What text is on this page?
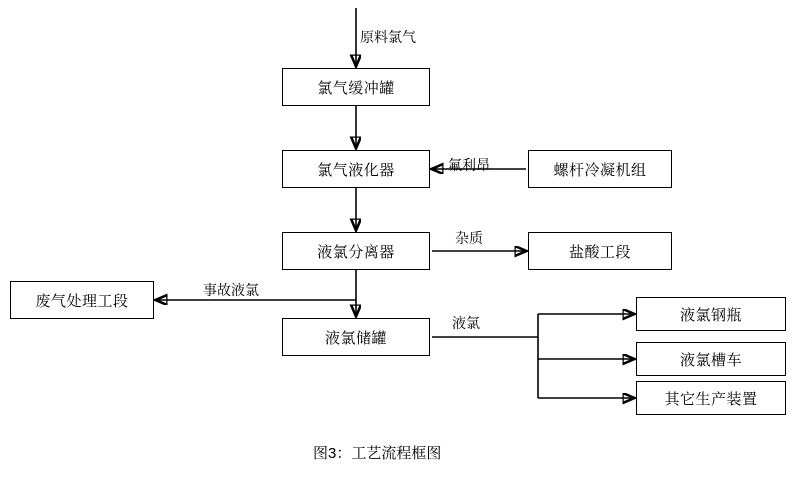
氯气缓冲罐
氯气液化器	螺杆冷凝机组
液氯分离器	盐酸工段
废气处理工段
液氯储罐
液氯钢瓶
液氯槽车
其它生产装置
原料氯气
氟利昂
杂质
事故液氯
液氯
图3：工艺流程框图
